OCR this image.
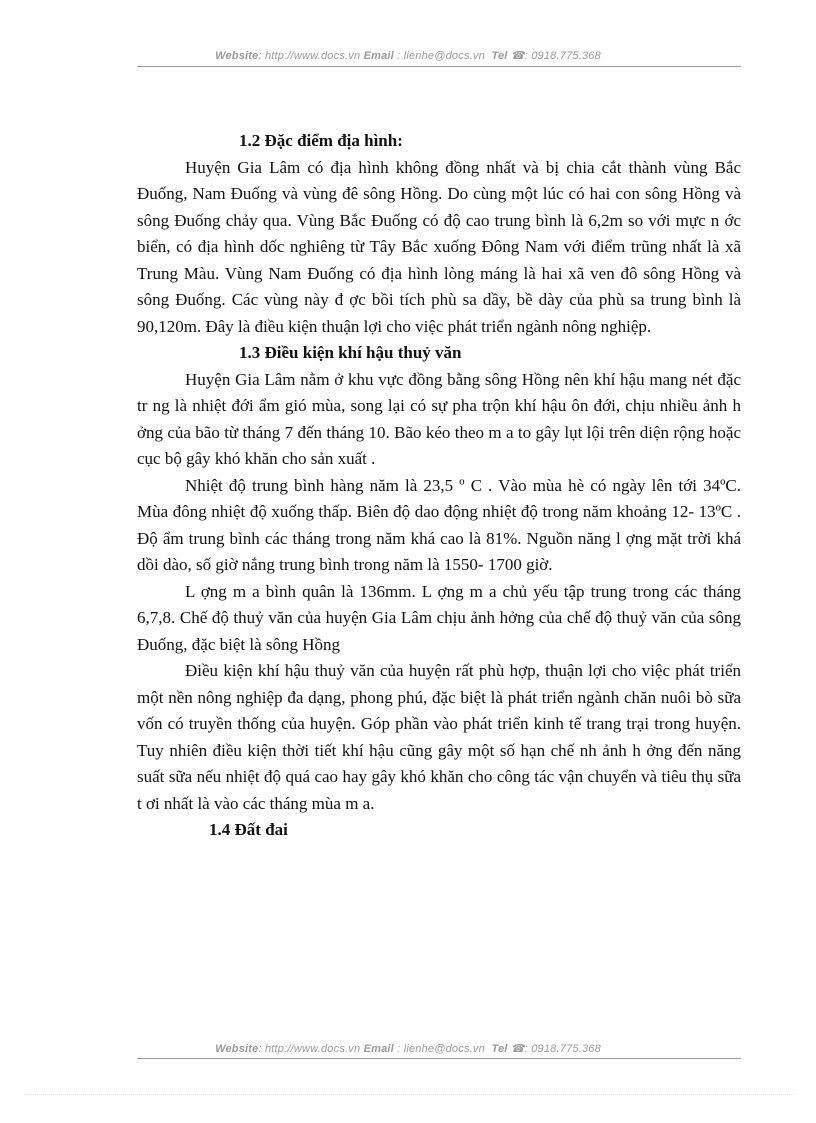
Website: http://www.docs.vn Email : lienhe@docs.vn Tel ☎: 0918.775.368

1.2 Đặc điểm địa hình:

Huyện Gia Lâm có địa hình không đồng nhất và bị chia cắt thành vùng Bắc Đuống, Nam Đuống và vùng đê sông Hồng. Do cùng một lúc có hai con sông Hồng và sông Đuống chảy qua. Vùng Bắc Đuống có độ cao trung bình là 6,2m so với mực n ớc biển, có địa hình dốc nghiêng từ Tây Bắc xuống Đông Nam với điểm trũng nhất là xã Trung Màu. Vùng Nam Đuống có địa hình lòng máng là hai xã ven đô sông Hồng và sông Đuống. Các vùng này đ ợc bồi tích phù sa dầy, bề dày của phù sa trung bình là 90,120m. Đây là điều kiện thuận lợi cho việc phát triển ngành nông nghiệp.

1.3 Điều kiện khí hậu thuỷ văn

Huyện Gia Lâm nằm ở khu vực đồng bằng sông Hồng nên khí hậu mang nét đặc tr ng là nhiệt đới ẩm gió mùa, song lại có sự pha trộn khí hậu ôn đới, chịu nhiều ảnh h ởng của bão từ tháng 7 đến tháng 10. Bão kéo theo m a to gây lụt lội trên diện rộng hoặc cục bộ gây khó khăn cho sản xuất .

Nhiệt độ trung bình hàng năm là 23,5 º C . Vào mùa hè có ngày lên tới 34ºC. Mùa đông nhiệt độ xuống thấp. Biên độ dao động nhiệt độ trong năm khoảng 12- 13ºC . Độ ẩm trung bình các tháng trong năm khá cao là 81%. Nguồn năng l ợng mặt trời khá dồi dào, số giờ nắng trung bình trong năm là 1550- 1700 giờ.

L ợng m a bình quân là 136mm. L ợng m a chủ yếu tập trung trong các tháng 6,7,8. Chế độ thuỷ văn của huyện Gia Lâm chịu ảnh hởng của chế độ thuỷ văn của sông Đuống, đặc biệt là sông Hồng

Điều kiện khí hậu thuỷ văn của huyện rất phù hợp, thuận lợi cho việc phát triển một nền nông nghiệp đa dạng, phong phú, đặc biệt là phát triển ngành chăn nuôi bò sữa vốn có truyền thống của huyện. Góp phần vào phát triển kinh tế trang trại trong huyện. Tuy nhiên điều kiện thời tiết khí hậu cũng gây một số hạn chế nh ảnh h ởng đến năng suất sữa nếu nhiệt độ quá cao hay gây khó khăn cho công tác vận chuyển và tiêu thụ sữa t ơi nhất là vào các tháng mùa m a.

1.4 Đất đai

Website: http://www.docs.vn Email : lienhe@docs.vn Tel ☎: 0918.775.368
